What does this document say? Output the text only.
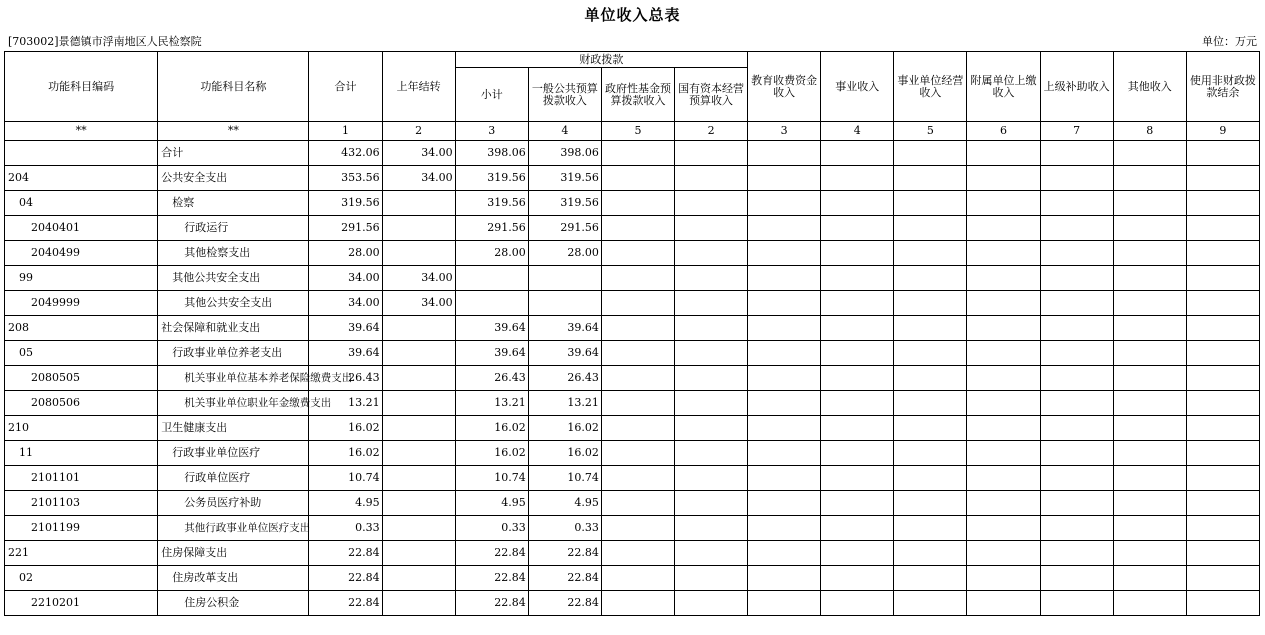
单位收入总表
[703002]景德镇市浮南地区人民检察院	单位：万元
功能科目编码	功能科目名称	合计	上年结转	财政拨款				教育收费资金收入	事业收入	事业单位经营收入	附属单位上缴收入	上级补助收入	其他收入	使用非财政拨款结余
				小计	一般公共预算拨款收入	政府性基金预算拨款收入	国有资本经营预算收入							
**	**	1	2	3	4	5	2	3	4	5	6	7	8	9
	合计	432.06	34.00	398.06	398.06									
204	公共安全支出	353.56	34.00	319.56	319.56									
04	检察	319.56		319.56	319.56									
2040401	行政运行	291.56		291.56	291.56									
2040499	其他检察支出	28.00		28.00	28.00									
99	其他公共安全支出	34.00	34.00											
2049999	其他公共安全支出	34.00	34.00											
208	社会保障和就业支出	39.64		39.64	39.64									
05	行政事业单位养老支出	39.64		39.64	39.64									
2080505	机关事业单位基本养老保险缴费支出	26.43		26.43	26.43									
2080506	机关事业单位职业年金缴费支出	13.21		13.21	13.21									
210	卫生健康支出	16.02		16.02	16.02									
11	行政事业单位医疗	16.02		16.02	16.02									
2101101	行政单位医疗	10.74		10.74	10.74									
2101103	公务员医疗补助	4.95		4.95	4.95									
2101199	其他行政事业单位医疗支出	0.33		0.33	0.33									
221	住房保障支出	22.84		22.84	22.84									
02	住房改革支出	22.84		22.84	22.84									
2210201	住房公积金	22.84		22.84	22.84									
